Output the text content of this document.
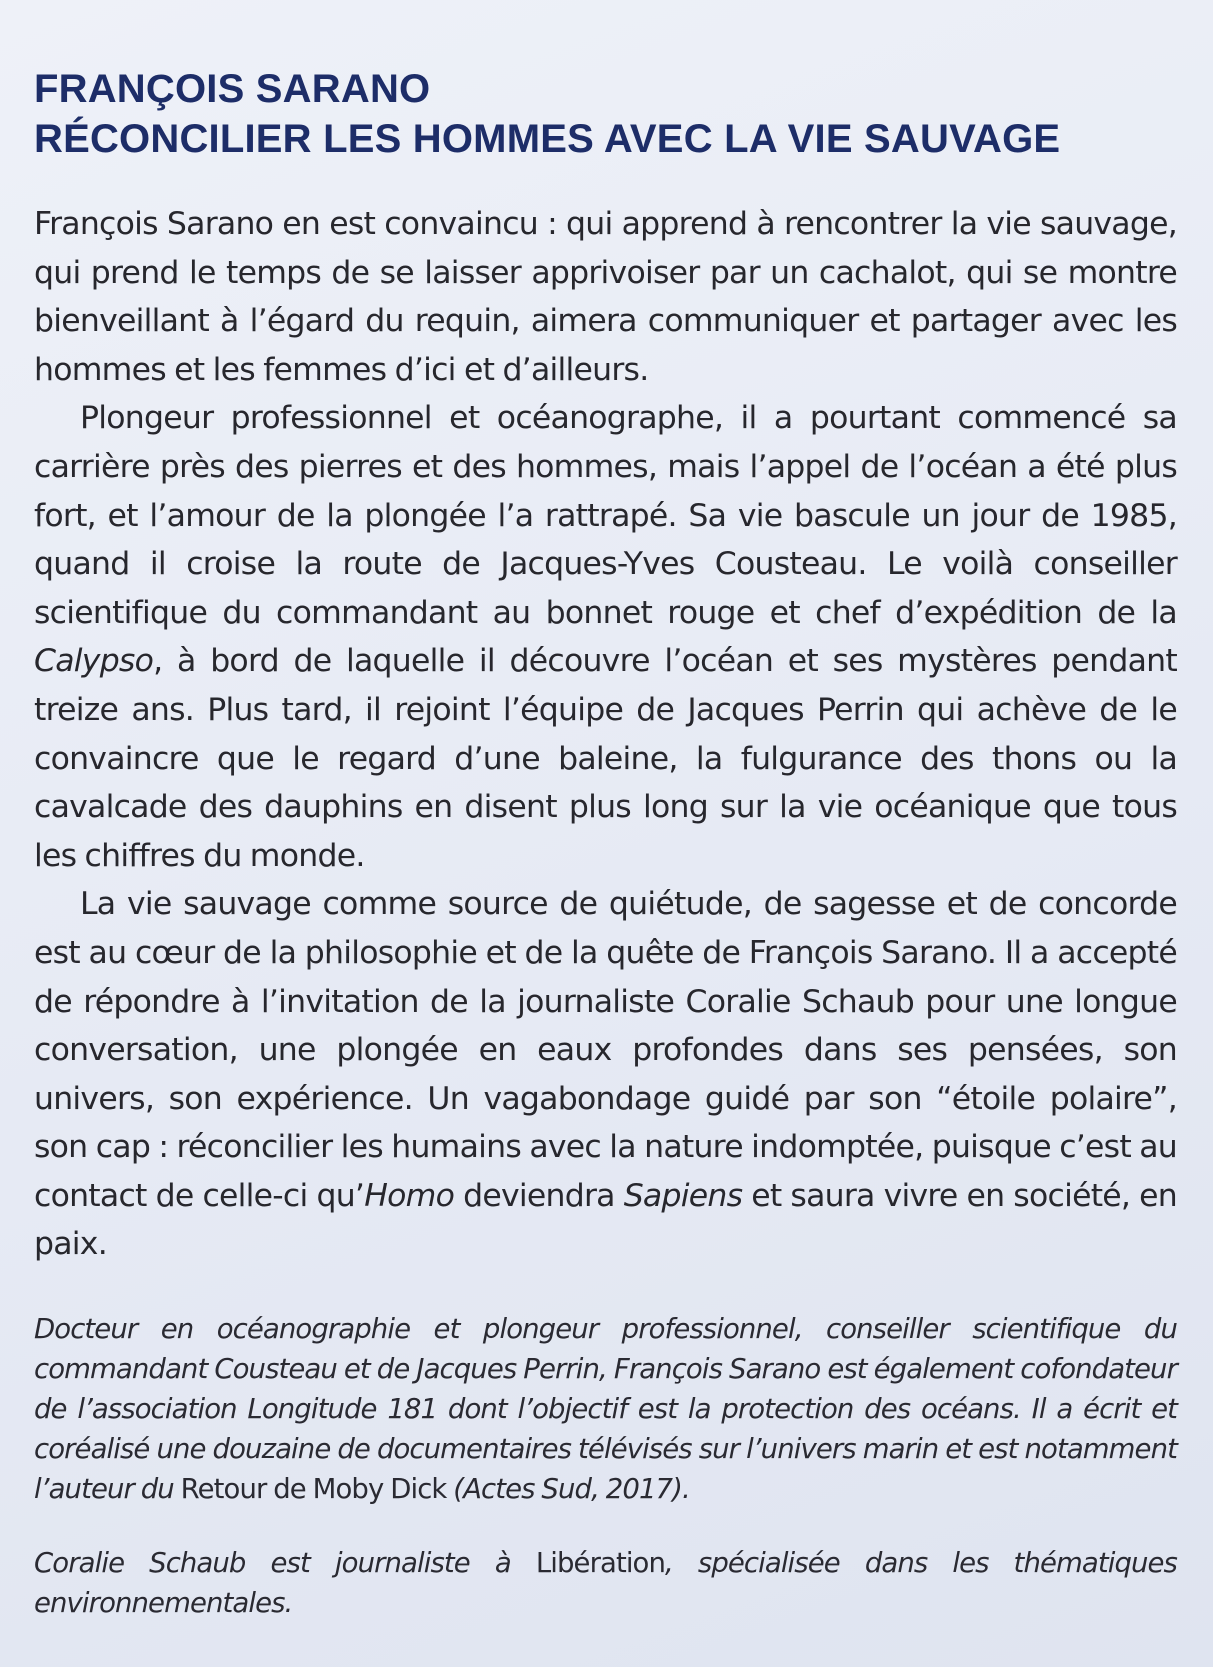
FRANÇOIS SARANO
RÉCONCILIER LES HOMMES AVEC LA VIE SAUVAGE

François Sarano en est convaincu : qui apprend à rencontrer la vie sauvage, qui prend le temps de se laisser apprivoiser par un cachalot, qui se montre bienveillant à l’égard du requin, aimera communiquer et partager avec les hommes et les femmes d’ici et d’ailleurs.

Plongeur professionnel et océanographe, il a pourtant commencé sa carrière près des pierres et des hommes, mais l’appel de l’océan a été plus fort, et l’amour de la plongée l’a rattrapé. Sa vie bascule un jour de 1985, quand il croise la route de Jacques-Yves Cousteau. Le voilà conseiller scientifique du commandant au bonnet rouge et chef d’expédition de la Calypso, à bord de laquelle il découvre l’océan et ses mystères pendant treize ans. Plus tard, il rejoint l’équipe de Jacques Perrin qui achève de le convaincre que le regard d’une baleine, la fulgurance des thons ou la cavalcade des dauphins en disent plus long sur la vie océanique que tous les chiffres du monde.

La vie sauvage comme source de quiétude, de sagesse et de concorde est au cœur de la philosophie et de la quête de François Sarano. Il a accepté de répondre à l’invitation de la journaliste Coralie Schaub pour une longue conversation, une plongée en eaux profondes dans ses pensées, son univers, son expérience. Un vagabondage guidé par son “étoile polaire”, son cap : réconcilier les humains avec la nature indomptée, puisque c’est au contact de celle-ci qu’Homo deviendra Sapiens et saura vivre en société, en paix.

Docteur en océanographie et plongeur professionnel, conseiller scientifique du commandant Cousteau et de Jacques Perrin, François Sarano est également cofondateur de l’association Longitude 181 dont l’objectif est la protection des océans. Il a écrit et coréalisé une douzaine de documentaires télévisés sur l’univers marin et est notamment l’auteur du Retour de Moby Dick (Actes Sud, 2017).

Coralie Schaub est journaliste à Libération, spécialisée dans les thématiques environnementales.
